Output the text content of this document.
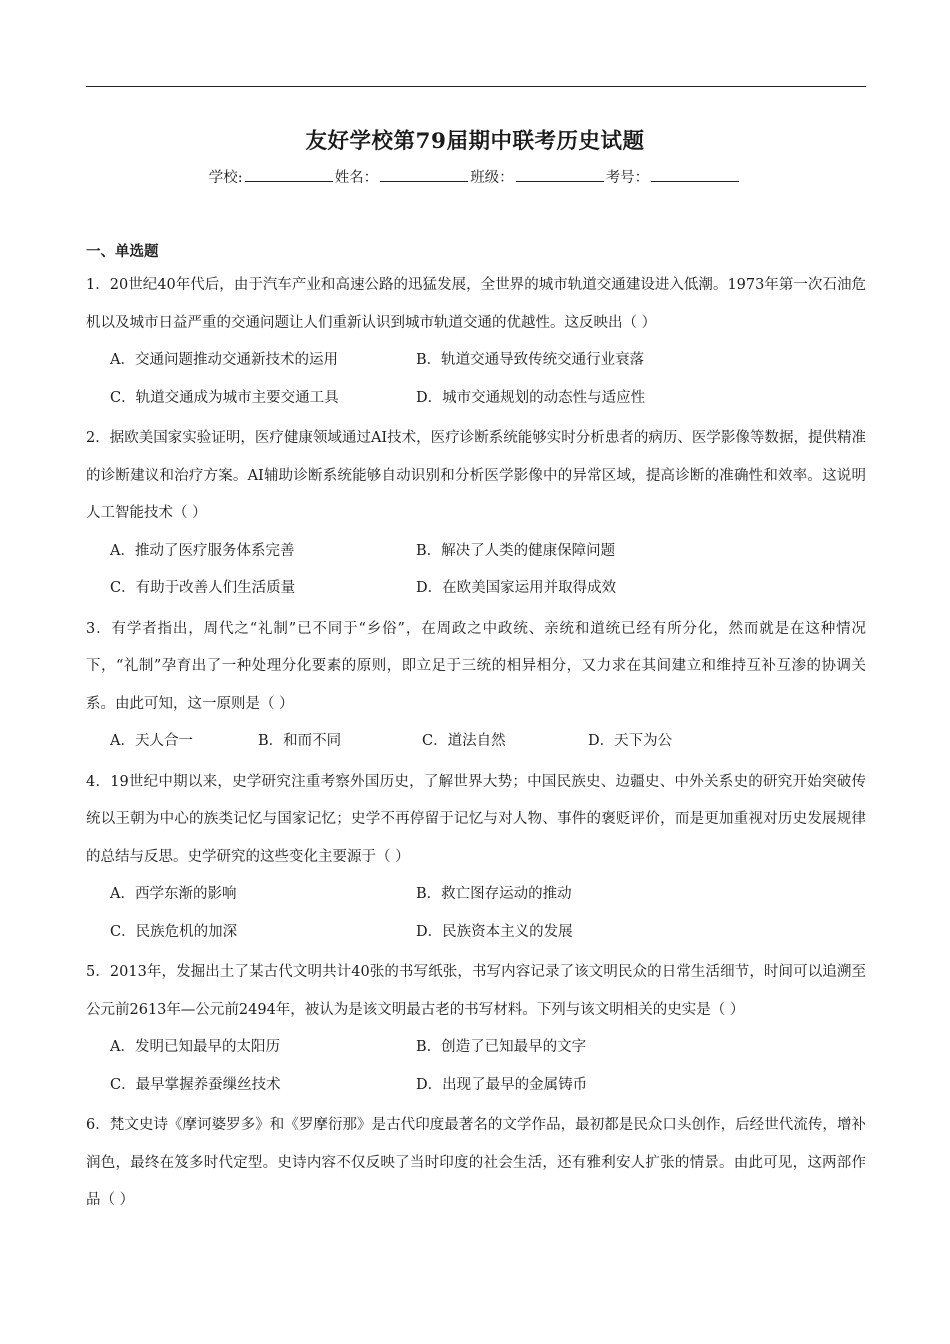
友好学校第79届期中联考历史试题
学校:	姓名：	班级：	考号：
一、单选题
1．20世纪40年代后，由于汽车产业和高速公路的迅猛发展，全世界的城市轨道交通建设进入低潮。1973年第一次石油危机以及城市日益严重的交通问题让人们重新认识到城市轨道交通的优越性。这反映出（ ）
A．交通问题推动交通新技术的运用	B．轨道交通导致传统交通行业衰落
C．轨道交通成为城市主要交通工具	D．城市交通规划的动态性与适应性
2．据欧美国家实验证明，医疗健康领域通过AI技术，医疗诊断系统能够实时分析患者的病历、医学影像等数据，提供精准的诊断建议和治疗方案。AI辅助诊断系统能够自动识别和分析医学影像中的异常区域，提高诊断的准确性和效率。这说明人工智能技术（ ）
A．推动了医疗服务体系完善	B．解决了人类的健康保障问题
C．有助于改善人们生活质量	D．在欧美国家运用并取得成效
3．有学者指出，周代之“礼制”已不同于“乡俗”，在周政之中政统、亲统和道统已经有所分化，然而就是在这种情况下，“礼制”孕育出了一种处理分化要素的原则，即立足于三统的相异相分，又力求在其间建立和维持互补互渗的协调关系。由此可知，这一原则是（ ）
A．天人合一	B．和而不同	C．道法自然	D．天下为公
4．19世纪中期以来，史学研究注重考察外国历史，了解世界大势；中国民族史、边疆史、中外关系史的研究开始突破传统以王朝为中心的族类记忆与国家记忆；史学不再停留于记忆与对人物、事件的褒贬评价，而是更加重视对历史发展规律的总结与反思。史学研究的这些变化主要源于（ ）
A．西学东渐的影响	B．救亡图存运动的推动
C．民族危机的加深	D．民族资本主义的发展
5．2013年，发掘出土了某古代文明共计40张的书写纸张，书写内容记录了该文明民众的日常生活细节，时间可以追溯至公元前2613年—公元前2494年，被认为是该文明最古老的书写材料。下列与该文明相关的史实是（ ）
A．发明已知最早的太阳历	B．创造了已知最早的文字
C．最早掌握养蚕缫丝技术	D．出现了最早的金属铸币
6．梵文史诗《摩诃婆罗多》和《罗摩衍那》是古代印度最著名的文学作品，最初都是民众口头创作，后经世代流传，增补润色，最终在笈多时代定型。史诗内容不仅反映了当时印度的社会生活，还有雅利安人扩张的情景。由此可见，这两部作品（ ）
